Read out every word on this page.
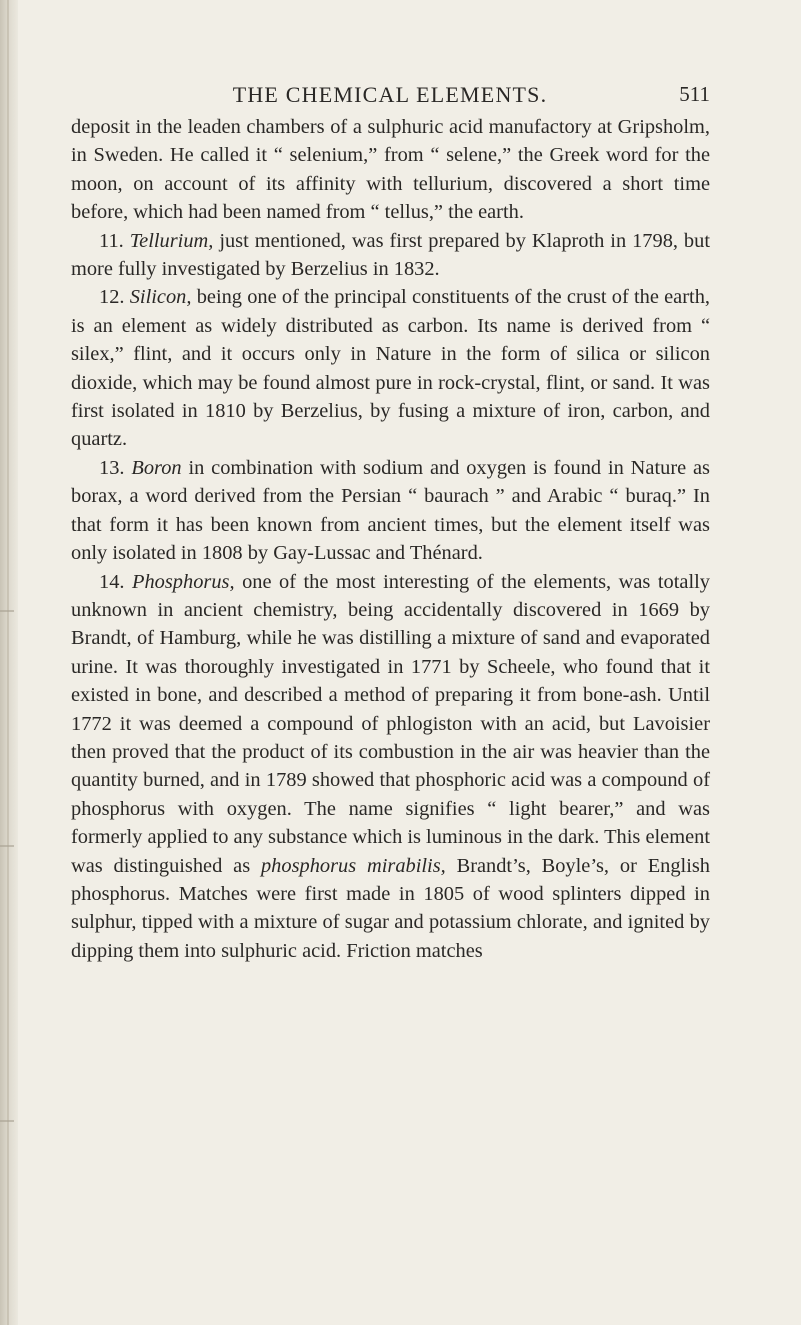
THE CHEMICAL ELEMENTS.	511

deposit in the leaden chambers of a sulphuric acid manufactory at Gripsholm, in Sweden. He called it “ selenium,” from “ selene,” the Greek word for the moon, on account of its affinity with tellurium, discovered a short time before, which had been named from “ tellus,” the earth.

11. Tellurium, just mentioned, was first prepared by Klaproth in 1798, but more fully investigated by Berzelius in 1832.

12. Silicon, being one of the principal constituents of the crust of the earth, is an element as widely distributed as carbon. Its name is derived from “ silex,” flint, and it occurs only in Nature in the form of silica or silicon dioxide, which may be found almost pure in rock-crystal, flint, or sand. It was first isolated in 1810 by Berzelius, by fusing a mixture of iron, carbon, and quartz.

13. Boron in combination with sodium and oxygen is found in Nature as borax, a word derived from the Persian “ baurach ” and Arabic “ buraq.” In that form it has been known from ancient times, but the element itself was only isolated in 1808 by Gay-Lussac and Thénard.

14. Phosphorus, one of the most interesting of the elements, was totally unknown in ancient chemistry, being accidentally discovered in 1669 by Brandt, of Hamburg, while he was distilling a mixture of sand and evaporated urine. It was thoroughly investigated in 1771 by Scheele, who found that it existed in bone, and described a method of preparing it from bone-ash. Until 1772 it was deemed a compound of phlogiston with an acid, but Lavoisier then proved that the product of its combustion in the air was heavier than the quantity burned, and in 1789 showed that phosphoric acid was a compound of phosphorus with oxygen. The name signifies “ light bearer,” and was formerly applied to any substance which is luminous in the dark. This element was distinguished as phosphorus mirabilis, Brandt’s, Boyle’s, or English phosphorus. Matches were first made in 1805 of wood splinters dipped in sulphur, tipped with a mixture of sugar and potassium chlorate, and ignited by dipping them into sulphuric acid. Friction matches
